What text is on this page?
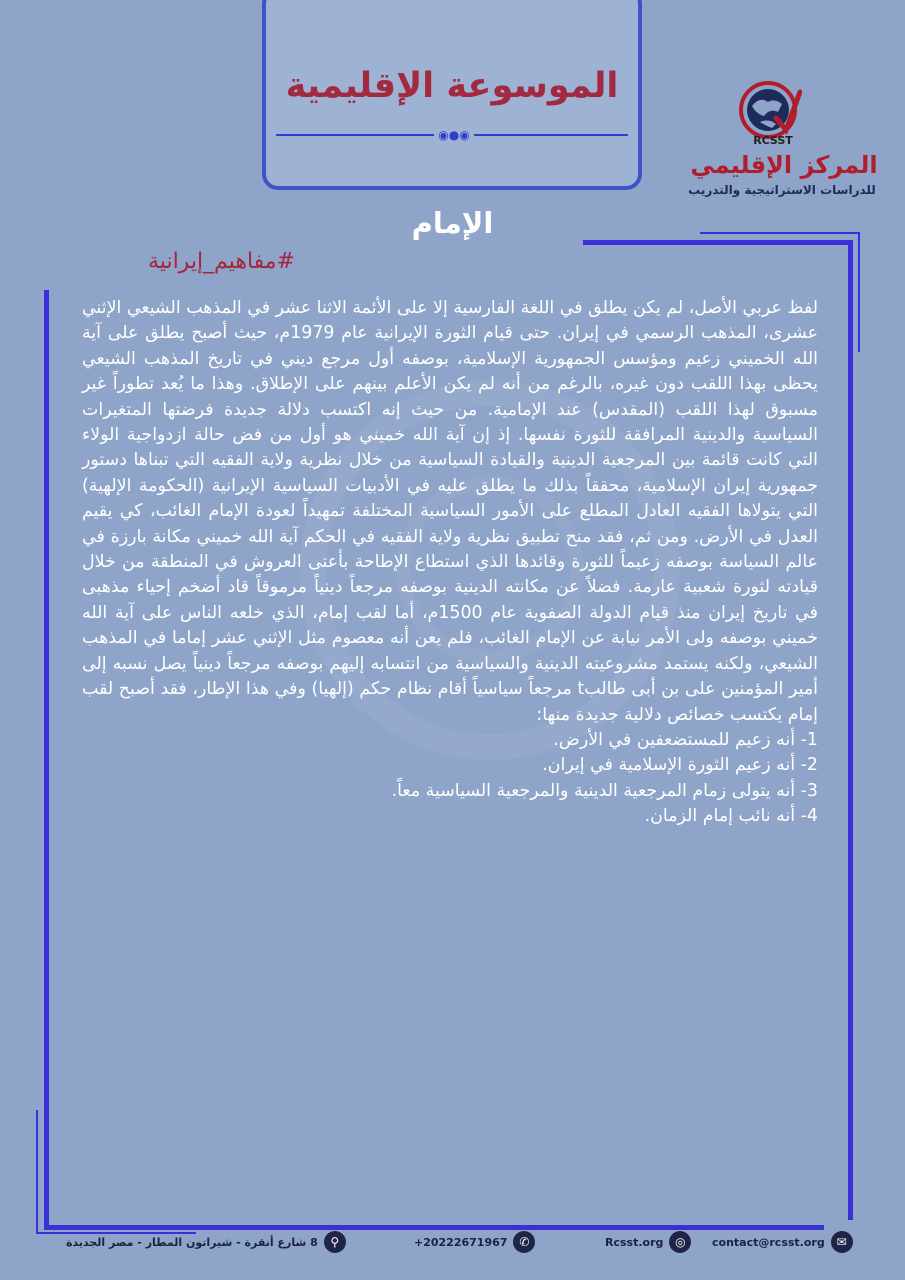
الموسوعة الإقليمية
◉●◉	RCSST
المركز الإقليمي
للدراسات الاستراتيجية والتدريب
الإمام
#مفاهيم_إيرانية

لفظ عربي الأصل، لم يكن يطلق في اللغة الفارسية إلا على الأئمة الاثنا عشر في المذهب الشيعي الإثني عشرى، المذهب الرسمي في إيران. حتى قيام الثورة الإيرانية عام 1979م، حيث أصبح يطلق على آية الله الخميني زعيم ومؤسس الجمهورية الإسلامية، بوصفه أول مرجع ديني في تاريخ المذهب الشيعي يحظى بهذا اللقب دون غيره، بالرغم من أنه لم يكن الأعلم بينهم على الإطلاق. وهذا ما يُعد تطوراً غير مسبوق لهذا اللقب (المقدس) عند الإمامية. من حيث إنه اكتسب دلالة جديدة فرضتها المتغيرات السياسية والدينية المرافقة للثورة نفسها. إذ إن آية الله خميني هو أول من فض حالة ازدواجية الولاء التي كانت قائمة بين المرجعية الدينية والقيادة السياسية من خلال نظرية ولاية الفقيه التي تبناها دستور جمهورية إيران الإسلامية، محققاً بذلك ما يطلق عليه في الأدبيات السياسية الإيرانية (الحكومة الإلهية) التي يتولاها الفقيه العادل المطلع على الأمور السياسية المختلفة تمهيداً لعودة الإمام الغائب، كي يقيم العدل في الأرض. ومن ثم، فقد منح تطبيق نظرية ولاية الفقيه في الحكم آية الله خميني مكانة بارزة في عالم السياسة بوصفه زعيماً للثورة وقائدها الذي استطاع الإطاحة بأعتى العروش في المنطقة من خلال قيادته لثورة شعبية عارمة. فضلاً عن مكانته الدينية بوصفه مرجعاً دينياً مرموقاً قاد أضخم إحياء مذهبى في تاريخ إيران منذ قيام الدولة الصفوية عام 1500م، أما لقب إمام، الذي خلعه الناس على آية الله خميني بوصفه ولى الأمر نيابة عن الإمام الغائب، فلم يعن أنه معصوم مثل الإثني عشر إماما في المذهب الشيعي، ولكنه يستمد مشروعيته الدينية والسياسية من انتسابه إليهم بوصفه مرجعاً دينياً يصل نسبه إلى أمير المؤمنين على بن أبى طالبt مرجعاً سياسياً أقام نظام حكم (إلهيا) وفي هذا الإطار، فقد أصبح لقب إمام يكتسب خصائص دلالية جديدة منها:

1- أنه زعيم للمستضعفين في الأرض.
2- أنه زعيم الثورة الإسلامية في إيران.
3- أنه يتولى زمام المرجعية الدينية والمرجعية السياسية معاً.
4- أنه نائب إمام الزمان.
contact@rcsst.org ✉
Rcsst.org ◎
+20222671967 ✆
8 شارع أنقرة - شيراتون المطار - مصر الجديدة	⚲
